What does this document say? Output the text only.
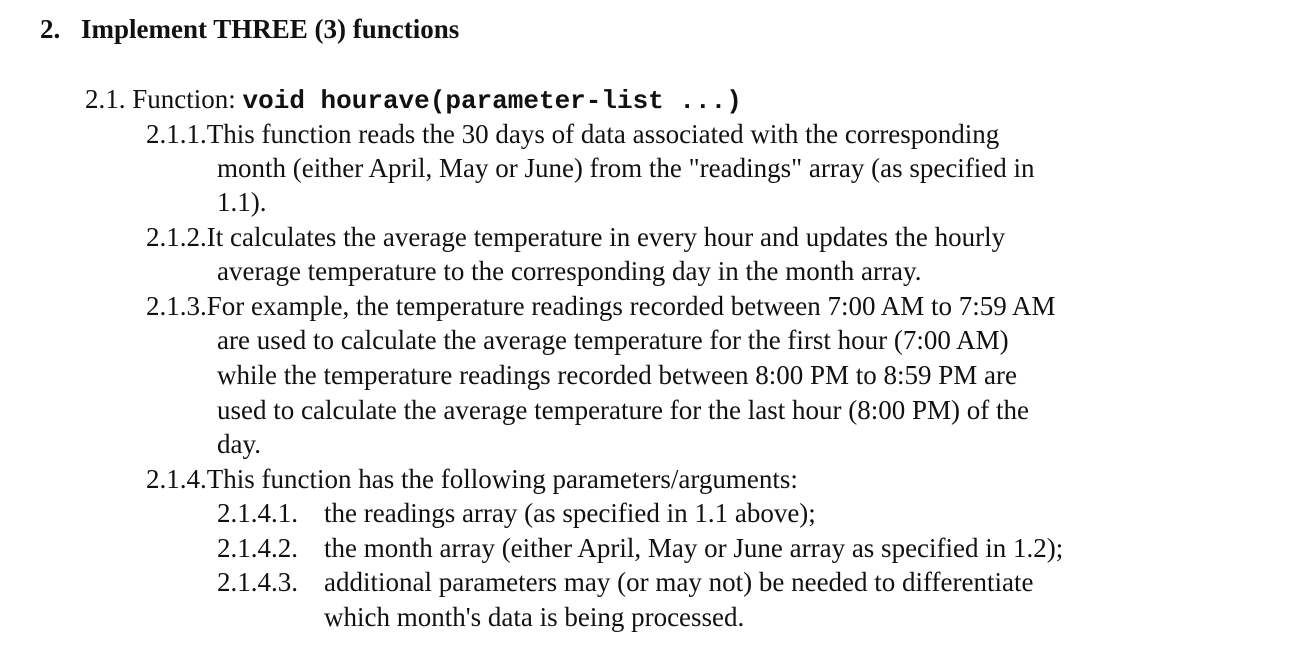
2. Implement THREE (3) functions
2.1. Function: void hourave(parameter-list ...)
2.1.1.This function reads the 30 days of data associated with the corresponding
month (either April, May or June) from the "readings" array (as specified in
1.1).
2.1.2.It calculates the average temperature in every hour and updates the hourly
average temperature to the corresponding day in the month array.
2.1.3.For example, the temperature readings recorded between 7:00 AM to 7:59 AM
are used to calculate the average temperature for the first hour (7:00 AM)
while the temperature readings recorded between 8:00 PM to 8:59 PM are
used to calculate the average temperature for the last hour (8:00 PM) of the
day.
2.1.4.This function has the following parameters/arguments:
2.1.4.1. the readings array (as specified in 1.1 above);
2.1.4.2. the month array (either April, May or June array as specified in 1.2);
2.1.4.3. additional parameters may (or may not) be needed to differentiate
which month's data is being processed.
